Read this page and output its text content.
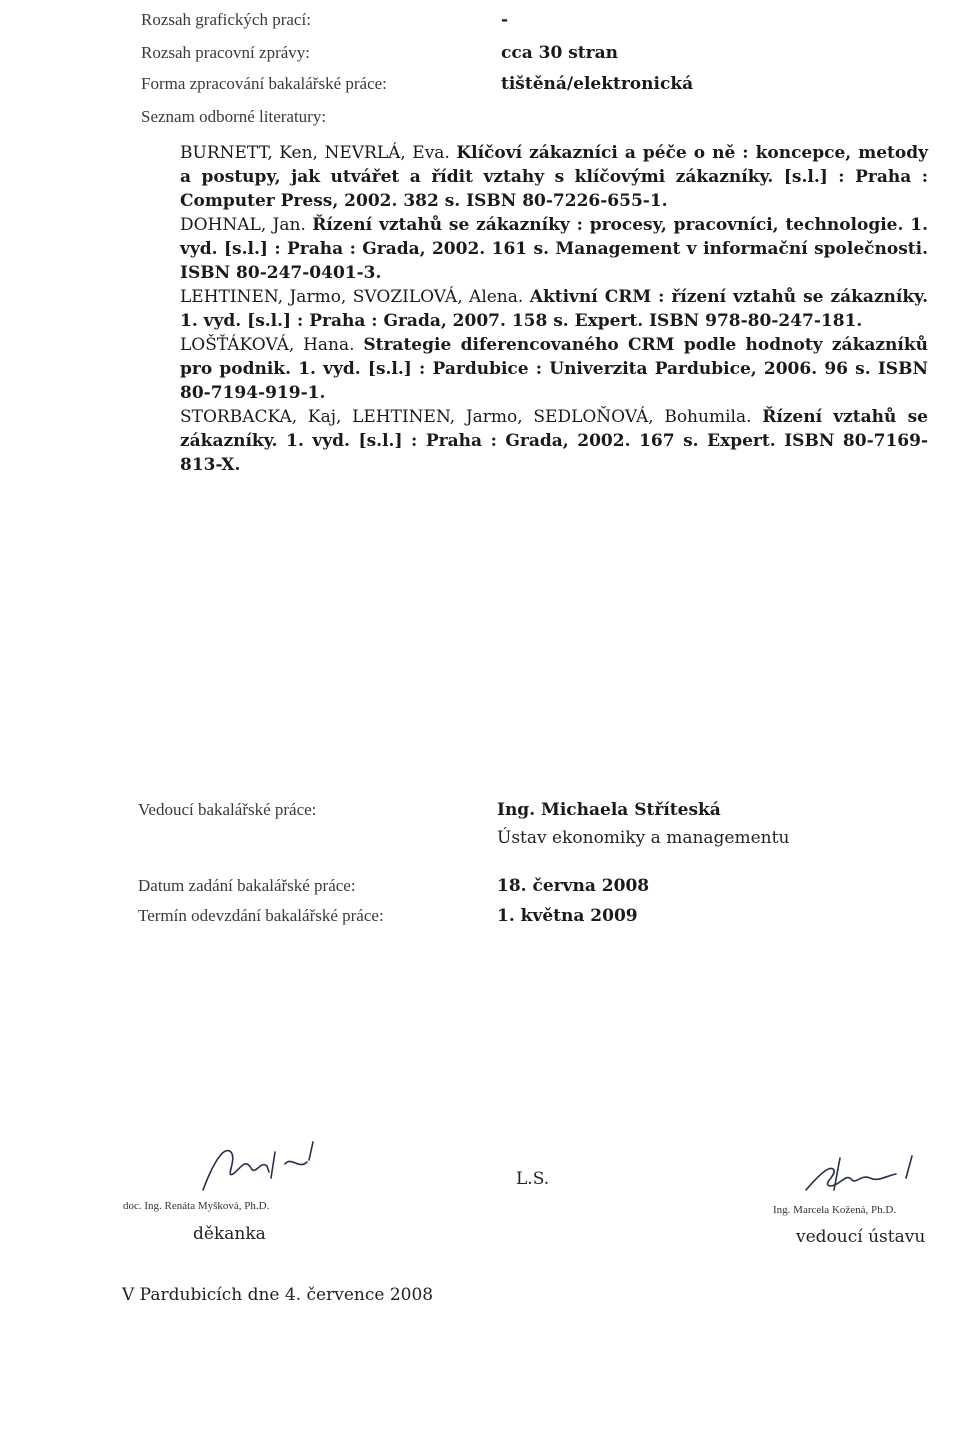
Rozsah grafických prací:	-
Rozsah pracovní zprávy:	cca 30 stran
Forma zpracování bakalářské práce:	tištěná/elektronická
Seznam odborné literatury:

BURNETT, Ken, NEVRLÁ, Eva. Klíčoví zákazníci a péče o ně : koncepce, metody a postupy, jak utvářet a řídit vztahy s klíčovými zákazníky. [s.l.] : Praha : Computer Press, 2002. 382 s. ISBN 80-7226-655-1.

DOHNAL, Jan. Řízení vztahů se zákazníky : procesy, pracovníci, technologie. 1. vyd. [s.l.] : Praha : Grada, 2002. 161 s. Management v informační společnosti. ISBN 80-247-0401-3.

LEHTINEN, Jarmo, SVOZILOVÁ, Alena. Aktivní CRM : řízení vztahů se zákazníky. 1. vyd. [s.l.] : Praha : Grada, 2007. 158 s. Expert. ISBN 978-80-247-181.

LOŠŤÁKOVÁ, Hana. Strategie diferencovaného CRM podle hodnoty zákazníků pro podnik. 1. vyd. [s.l.] : Pardubice : Univerzita Pardubice, 2006. 96 s. ISBN 80-7194-919-1.

STORBACKA, Kaj, LEHTINEN, Jarmo, SEDLOŇOVÁ, Bohumila. Řízení vztahů se zákazníky. 1. vyd. [s.l.] : Praha : Grada, 2002. 167 s. Expert. ISBN 80-7169-813-X.

Vedoucí bakalářské práce:	Ing. Michaela Stříteská
Ústav ekonomiky a managementu
Datum zadání bakalářské práce:	18. června 2008
Termín odevzdání bakalářské práce:	1. května 2009
doc. Ing. Renáta Myšková, Ph.D.
děkanka
L.S.
Ing. Marcela Kožená, Ph.D.
vedoucí ústavu
V Pardubicích dne 4. července 2008
